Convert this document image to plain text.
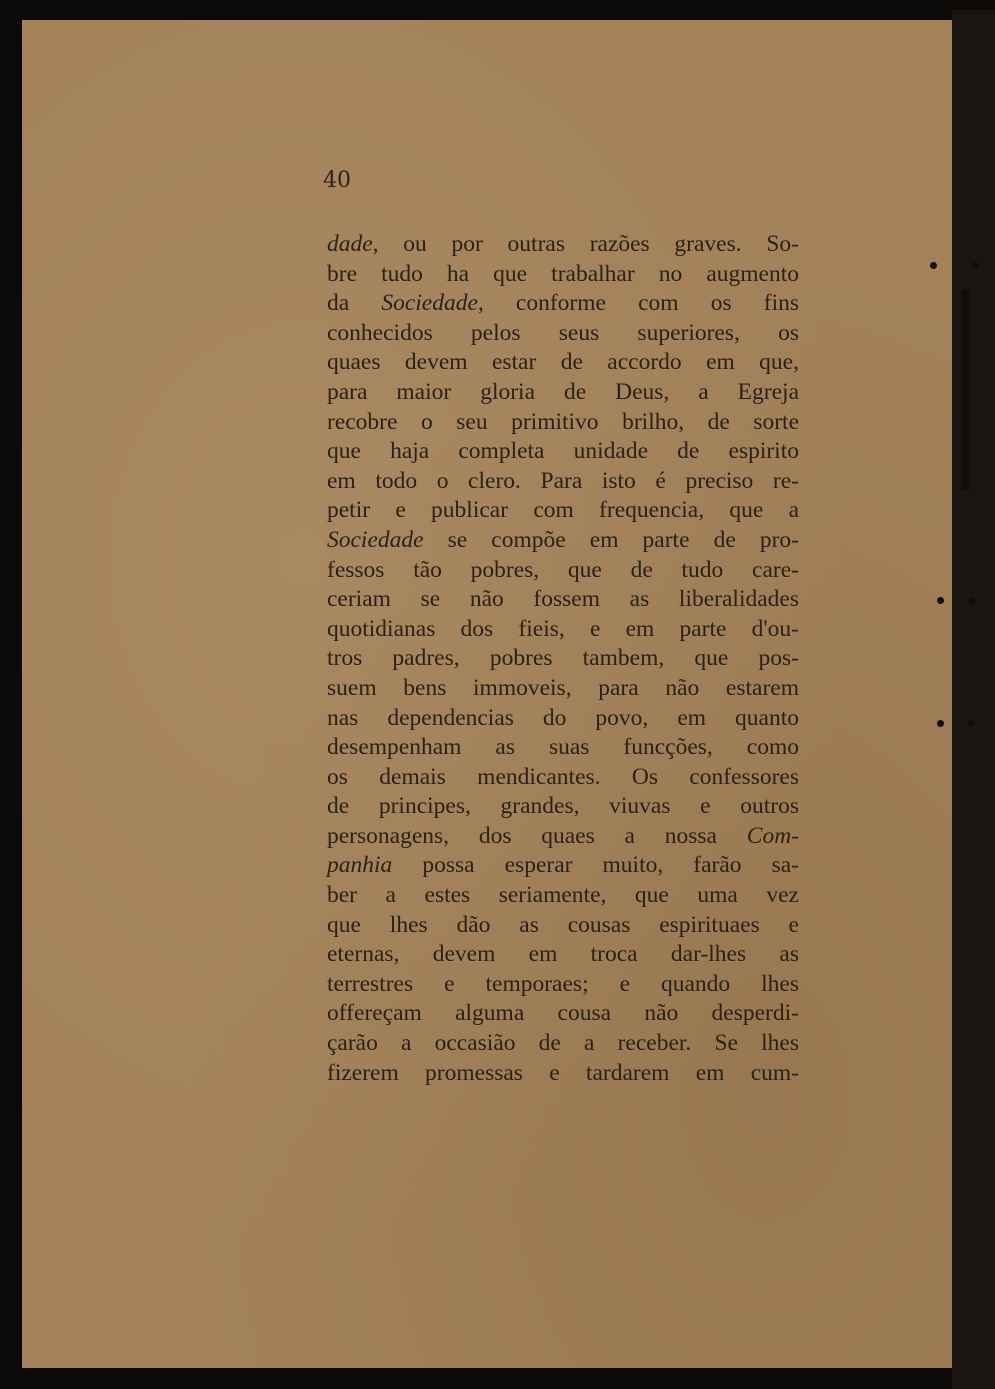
40
dade, ou por outras razões graves. So-
bre tudo ha que trabalhar no augmento
da Sociedade, conforme com os fins
conhecidos pelos seus superiores, os
quaes devem estar de accordo em que,
para maior gloria de Deus, a Egreja
recobre o seu primitivo brilho, de sorte
que haja completa unidade de espirito
em todo o clero. Para isto é preciso re-
petir e publicar com frequencia, que a
Sociedade se compõe em parte de pro-
fessos tão pobres, que de tudo care-
ceriam se não fossem as liberalidades
quotidianas dos fieis, e em parte d'ou-
tros padres, pobres tambem, que pos-
suem bens immoveis, para não estarem
nas dependencias do povo, em quanto
desempenham as suas funcções, como
os demais mendicantes. Os confessores
de principes, grandes, viuvas e outros
personagens, dos quaes a nossa Com-
panhia possa esperar muito, farão sa-
ber a estes seriamente, que uma vez
que lhes dão as cousas espirituaes e
eternas, devem em troca dar-lhes as
terrestres e temporaes; e quando lhes
offereçam alguma cousa não desperdi-
çarão a occasião de a receber. Se lhes
fizerem promessas e tardarem em cum-
